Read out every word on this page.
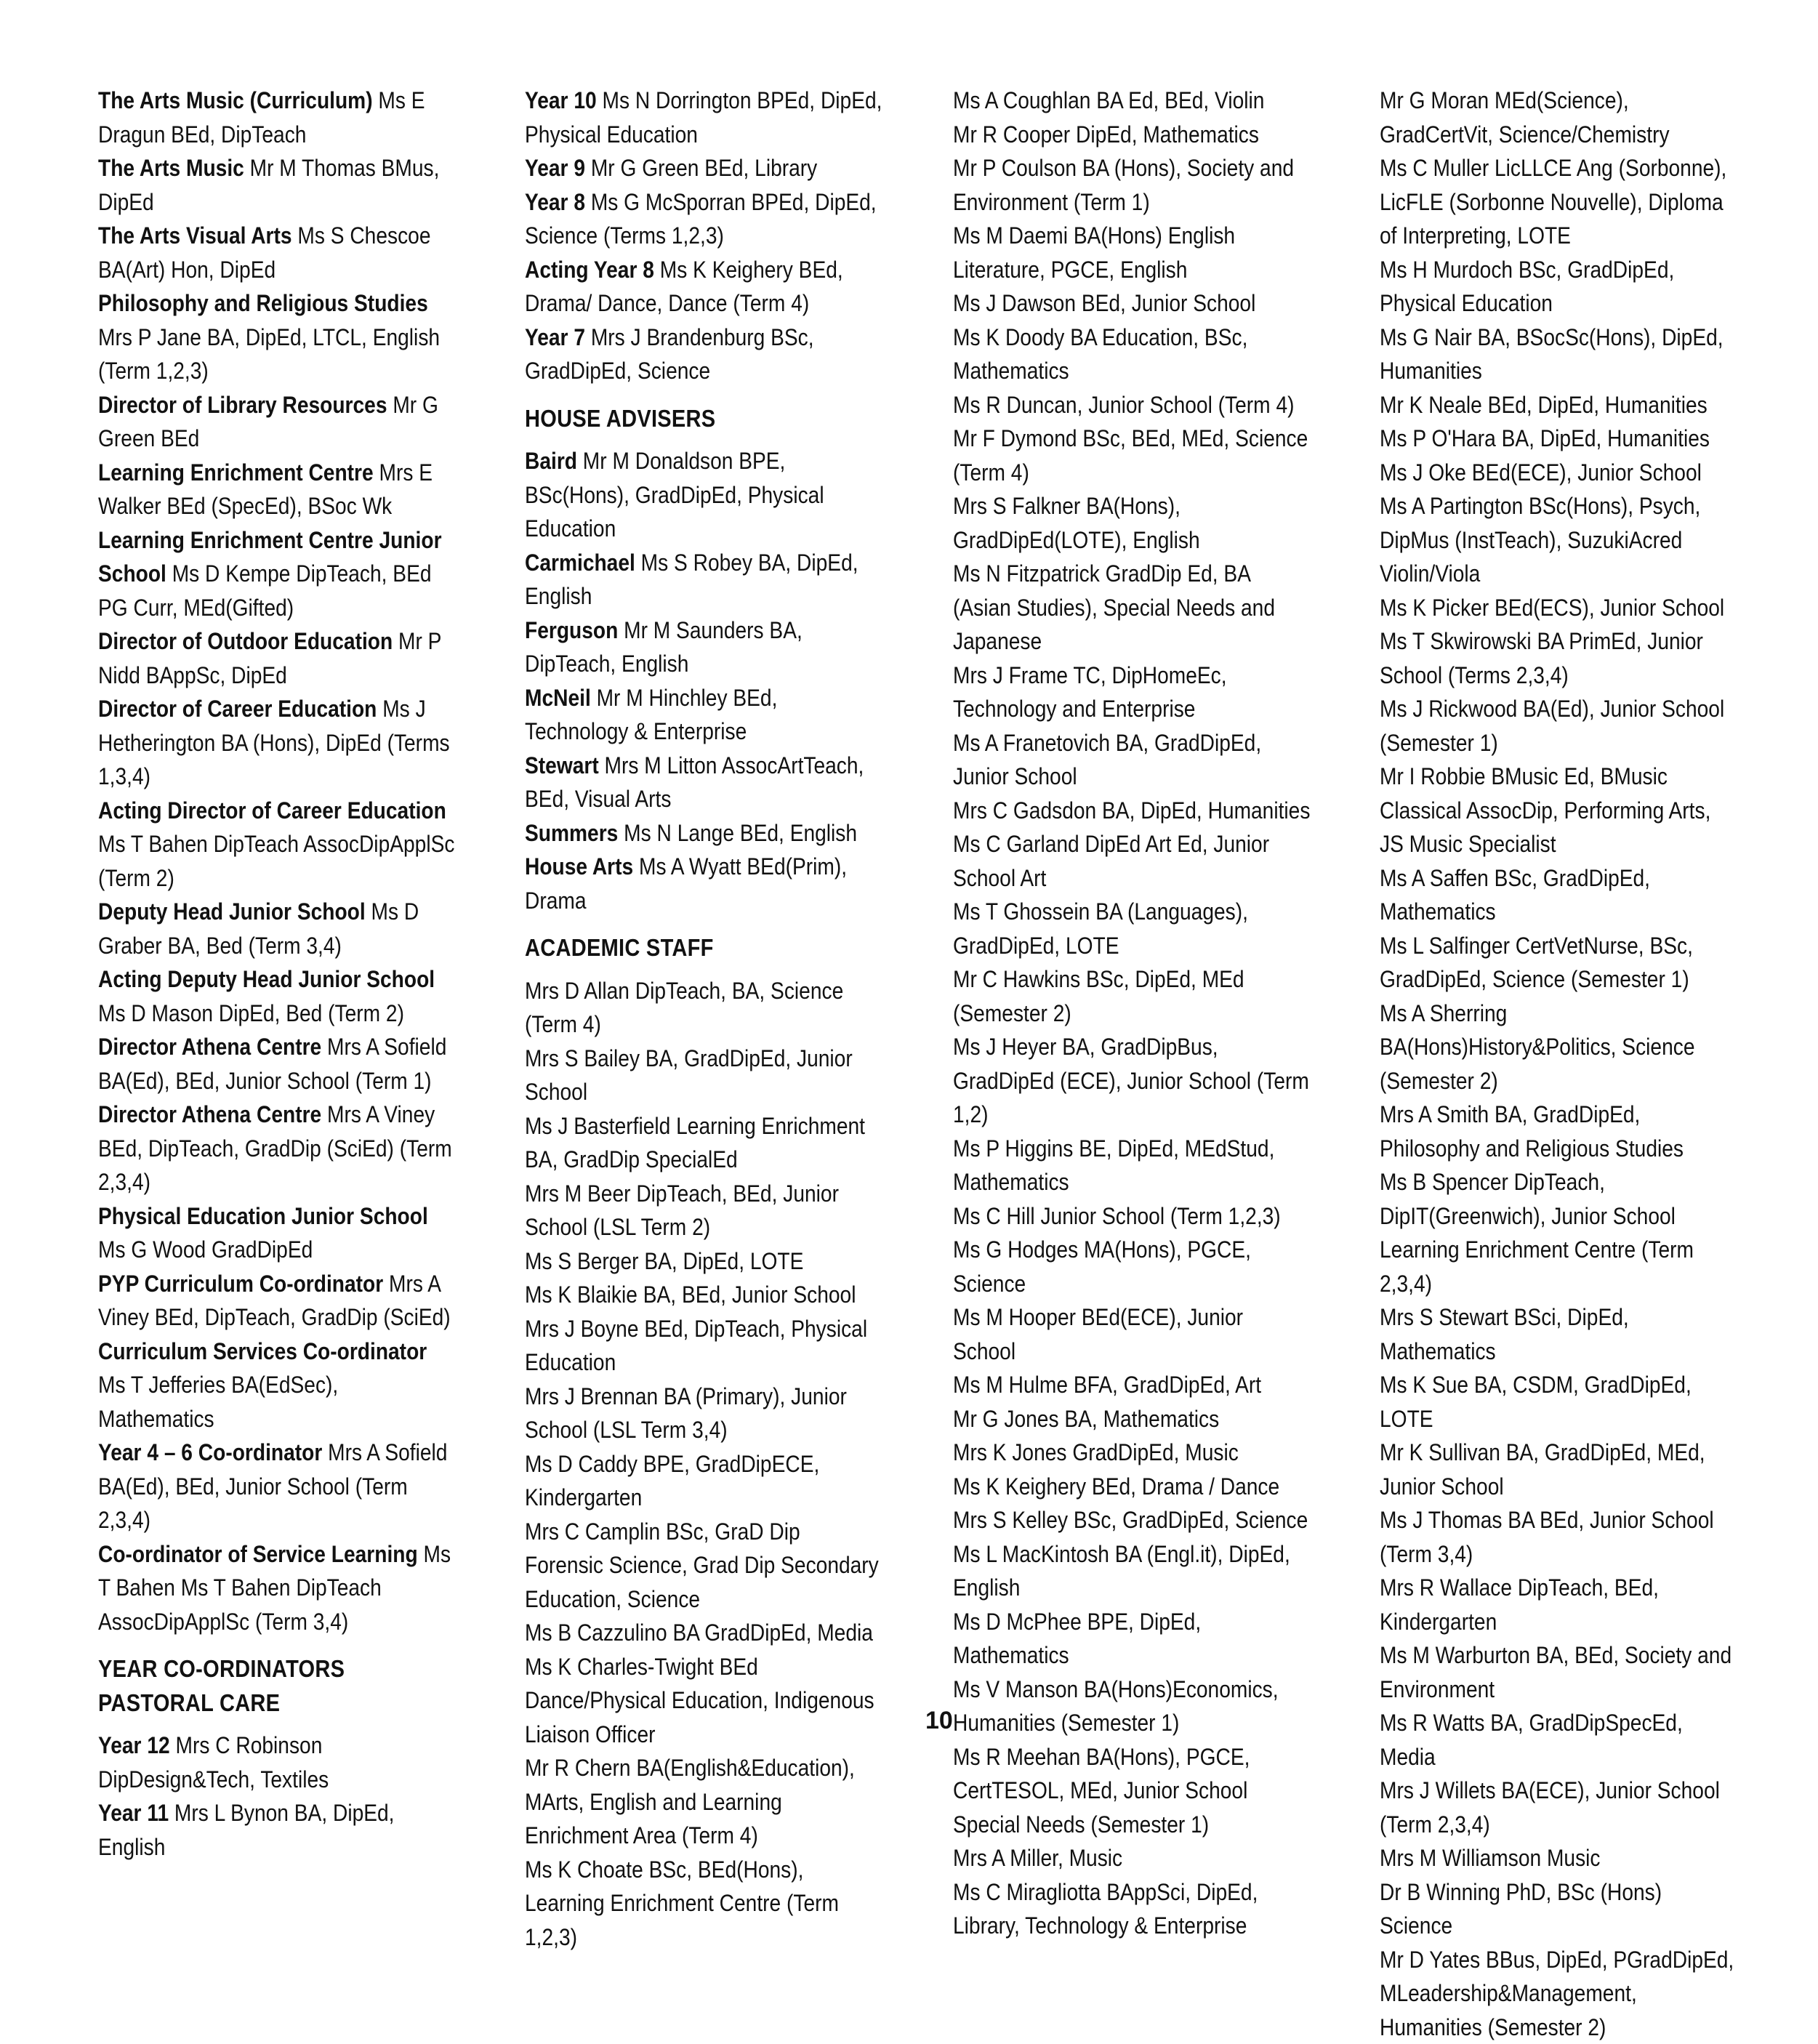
The Arts Music (Curriculum) Ms E Dragun BEd, DipTeach

The Arts Music Mr M Thomas BMus, DipEd

The Arts Visual Arts Ms S Chescoe BA(Art) Hon, DipEd

Philosophy and Religious Studies Mrs P Jane BA, DipEd, LTCL, English (Term 1,2,3)

Director of Library Resources Mr G Green BEd

Learning Enrichment Centre Mrs E Walker BEd (SpecEd), BSoc Wk

Learning Enrichment Centre Junior School Ms D Kempe DipTeach, BEd PG Curr, MEd(Gifted)

Director of Outdoor Education Mr P Nidd BAppSc, DipEd

Director of Career Education Ms J Hetherington BA (Hons), DipEd (Terms 1,3,4)

Acting Director of Career Education Ms T Bahen DipTeach AssocDipApplSc (Term 2)

Deputy Head Junior School Ms D Graber BA, Bed (Term 3,4)

Acting Deputy Head Junior School Ms D Mason DipEd, Bed (Term 2)

Director Athena Centre Mrs A Sofield BA(Ed), BEd, Junior School (Term 1)

Director Athena Centre Mrs A Viney BEd, DipTeach, GradDip (SciEd) (Term 2,3,4)

Physical Education Junior School Ms G Wood GradDipEd

PYP Curriculum Co-ordinator Mrs A Viney BEd, DipTeach, GradDip (SciEd)

Curriculum Services Co-ordinator Ms T Jefferies BA(EdSec), Mathematics

Year 4 – 6 Co-ordinator Mrs A Sofield BA(Ed), BEd, Junior School (Term 2,3,4)

Co-ordinator of Service Learning Ms T Bahen Ms T Bahen DipTeach AssocDipApplSc (Term 3,4)

YEAR CO-ORDINATORS PASTORAL CARE

Year 12 Mrs C Robinson DipDesign&Tech, Textiles

Year 11 Mrs L Bynon BA, DipEd, English

Year 10 Ms N Dorrington BPEd, DipEd, Physical Education

Year 9 Mr G Green BEd, Library

Year 8 Ms G McSporran BPEd, DipEd, Science (Terms 1,2,3)

Acting Year 8 Ms K Keighery BEd, Drama/ Dance, Dance (Term 4)

Year 7 Mrs J Brandenburg BSc, GradDipEd, Science

HOUSE ADVISERS

Baird Mr M Donaldson BPE, BSc(Hons), GradDipEd, Physical Education

Carmichael Ms S Robey BA, DipEd, English

Ferguson Mr M Saunders BA, DipTeach, English

McNeil Mr M Hinchley BEd, Technology & Enterprise

Stewart Mrs M Litton AssocArtTeach, BEd, Visual Arts

Summers Ms N Lange BEd, English

House Arts Ms A Wyatt BEd(Prim), Drama

ACADEMIC STAFF

Mrs D Allan DipTeach, BA, Science (Term 4)

Mrs S Bailey BA, GradDipEd, Junior School

Ms J Basterfield Learning Enrichment BA, GradDip SpecialEd

Mrs M Beer DipTeach, BEd, Junior School (LSL Term 2)

Ms S Berger BA, DipEd, LOTE

Ms K Blaikie BA, BEd, Junior School

Mrs J Boyne BEd, DipTeach, Physical Education

Mrs J Brennan BA (Primary), Junior School (LSL Term 3,4)

Ms D Caddy BPE, GradDipECE, Kindergarten

Mrs C Camplin BSc, GraD Dip Forensic Science, Grad Dip Secondary Education, Science

Ms B Cazzulino BA GradDipEd, Media

Ms K Charles-Twight BEd Dance/Physical Education, Indigenous Liaison Officer

Mr R Chern BA(English&Education), MArts, English and Learning Enrichment Area (Term 4)

Ms K Choate BSc, BEd(Hons), Learning Enrichment Centre (Term 1,2,3)

Ms A Coughlan BA Ed, BEd, Violin

Mr R Cooper DipEd, Mathematics

Mr P Coulson BA (Hons), Society and Environment (Term 1)

Ms M Daemi BA(Hons) English Literature, PGCE, English

Ms J Dawson BEd, Junior School

Ms K Doody BA Education, BSc, Mathematics

Ms R Duncan, Junior School (Term 4)

Mr F Dymond BSc, BEd, MEd, Science (Term 4)

Mrs S Falkner BA(Hons), GradDipEd(LOTE), English

Ms N Fitzpatrick GradDip Ed, BA (Asian Studies), Special Needs and Japanese

Mrs J Frame TC, DipHomeEc, Technology and Enterprise

Ms A Franetovich BA, GradDipEd, Junior School

Mrs C Gadsdon BA, DipEd, Humanities

Ms C Garland DipEd Art Ed, Junior School Art

Ms T Ghossein BA (Languages), GradDipEd, LOTE

Mr C Hawkins BSc, DipEd, MEd (Semester 2)

Ms J Heyer BA, GradDipBus, GradDipEd (ECE), Junior School (Term 1,2)

Ms P Higgins BE, DipEd, MEdStud, Mathematics

Ms C Hill Junior School (Term 1,2,3)

Ms G Hodges MA(Hons), PGCE, Science

Ms M Hooper BEd(ECE), Junior School

Ms M Hulme BFA, GradDipEd, Art

Mr G Jones BA, Mathematics

Mrs K Jones GradDipEd, Music

Ms K Keighery BEd, Drama / Dance

Mrs S Kelley BSc, GradDipEd, Science

Ms L MacKintosh BA (Engl.it), DipEd, English

Ms D McPhee BPE, DipEd, Mathematics

Ms V Manson BA(Hons)Economics, Humanities (Semester 1)

Ms R Meehan BA(Hons), PGCE, CertTESOL, MEd, Junior School Special Needs (Semester 1)

Mrs A Miller, Music

Ms C Miragliotta BAppSci, DipEd, Library, Technology & Enterprise

Mr G Moran MEd(Science), GradCertVit, Science/Chemistry

Ms C Muller LicLLCE Ang (Sorbonne), LicFLE (Sorbonne Nouvelle), Diploma of Interpreting, LOTE

Ms H Murdoch BSc, GradDipEd, Physical Education

Ms G Nair BA, BSocSc(Hons), DipEd, Humanities

Mr K Neale BEd, DipEd, Humanities

Ms P O'Hara BA, DipEd, Humanities

Ms J Oke BEd(ECE), Junior School

Ms A Partington BSc(Hons), Psych, DipMus (InstTeach), SuzukiAcred Violin/Viola

Ms K Picker BEd(ECS), Junior School

Ms T Skwirowski BA PrimEd, Junior School (Terms 2,3,4)

Ms J Rickwood BA(Ed), Junior School (Semester 1)

Mr I Robbie BMusic Ed, BMusic Classical AssocDip, Performing Arts, JS Music Specialist

Ms A Saffen BSc, GradDipEd, Mathematics

Ms L Salfinger CertVetNurse, BSc, GradDipEd, Science (Semester 1)

Ms A Sherring BA(Hons)History&Politics, Science (Semester 2)

Mrs A Smith BA, GradDipEd, Philosophy and Religious Studies

Ms B Spencer DipTeach, DipIT(Greenwich), Junior School Learning Enrichment Centre (Term 2,3,4)

Mrs S Stewart BSci, DipEd, Mathematics

Ms K Sue BA, CSDM, GradDipEd, LOTE

Mr K Sullivan BA, GradDipEd, MEd, Junior School

Ms J Thomas BA BEd, Junior School (Term 3,4)

Mrs R Wallace DipTeach, BEd, Kindergarten

Ms M Warburton BA, BEd, Society and Environment

Ms R Watts BA, GradDipSpecEd, Media

Mrs J Willets BA(ECE), Junior School (Term 2,3,4)

Mrs M Williamson Music

Dr B Winning PhD, BSc (Hons) Science

Mr D Yates BBus, DipEd, PGradDipEd, MLeadership&Management, Humanities (Semester 2)

10
